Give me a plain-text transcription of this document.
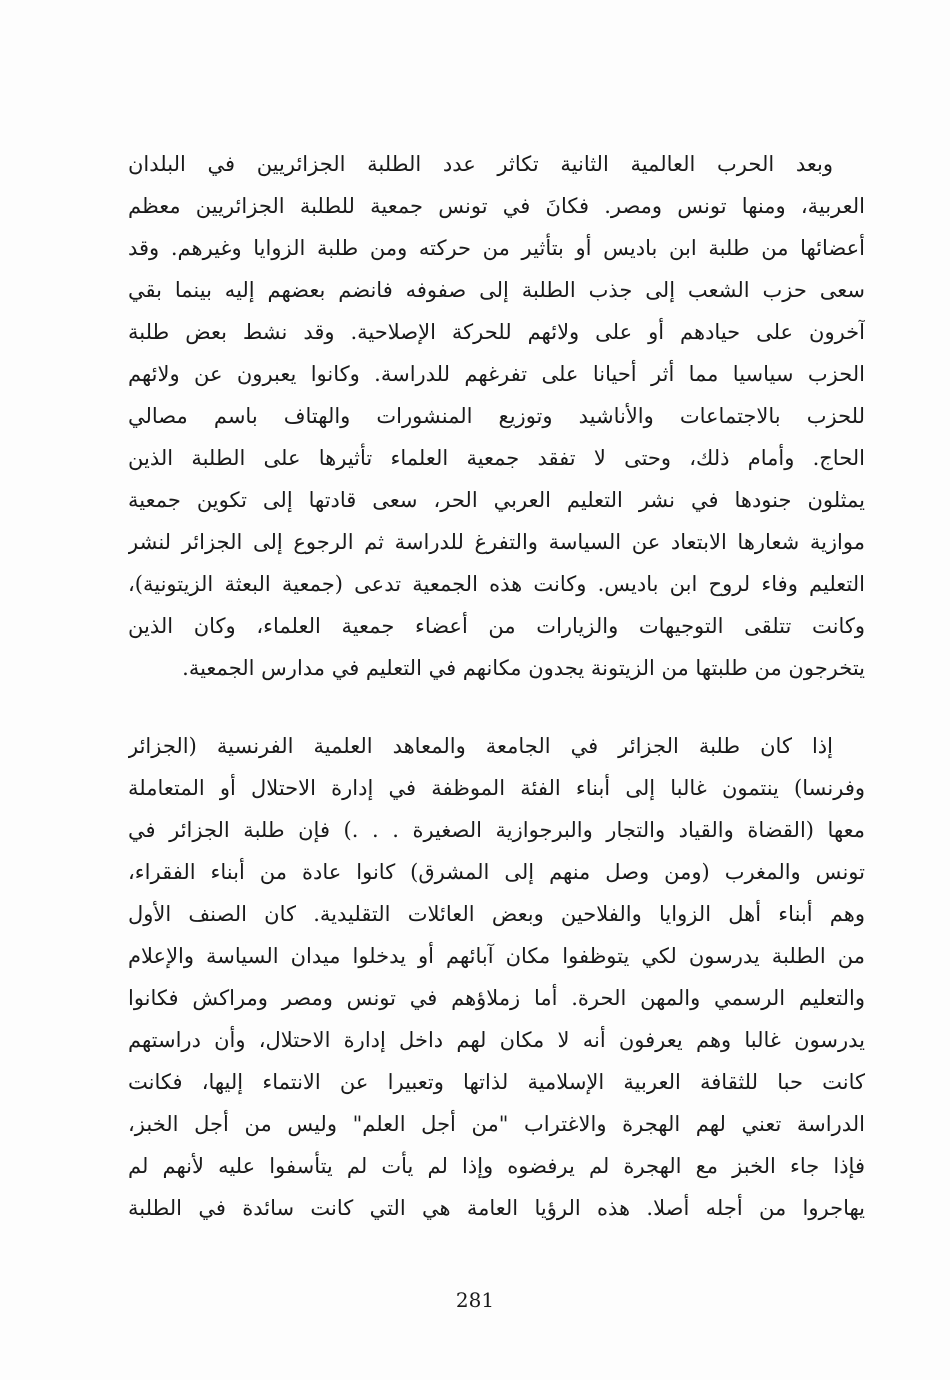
وبعد الحرب العالمية الثانية تكاثر عدد الطلبة الجزائريين في البلدان
العربية، ومنها تونس ومصر. فكانَ في تونس جمعية للطلبة الجزائريين معظم
أعضائها من طلبة ابن باديس أو بتأثير من حركته ومن طلبة الزوايا وغيرهم. وقد
سعى حزب الشعب إلى جذب الطلبة إلى صفوفه فانضم بعضهم إليه بينما بقي
آخرون على حيادهم أو على ولائهم للحركة الإصلاحية. وقد نشط بعض طلبة
الحزب سياسيا مما أثر أحيانا على تفرغهم للدراسة. وكانوا يعبرون عن ولائهم
للحزب بالاجتماعات والأناشيد وتوزيع المنشورات والهتاف باسم مصالي
الحاج. وأمام ذلك، وحتى لا تفقد جمعية العلماء تأثيرها على الطلبة الذين
يمثلون جنودها في نشر التعليم العربي الحر، سعى قادتها إلى تكوين جمعية
موازية شعارها الابتعاد عن السياسة والتفرغ للدراسة ثم الرجوع إلى الجزائر لنشر
التعليم وفاء لروح ابن باديس. وكانت هذه الجمعية تدعى (جمعية البعثة الزيتونية)،
وكانت تتلقى التوجيهات والزيارات من أعضاء جمعية العلماء، وكان الذين
يتخرجون من طلبتها من الزيتونة يجدون مكانهم في التعليم في مدارس الجمعية.
إذا كان طلبة الجزائر في الجامعة والمعاهد العلمية الفرنسية (الجزائر
وفرنسا) ينتمون غالبا إلى أبناء الفئة الموظفة في إدارة الاحتلال أو المتعاملة
معها (القضاة والقياد والتجار والبرجوازية الصغيرة . . .) فإن طلبة الجزائر في
تونس والمغرب (ومن وصل منهم إلى المشرق) كانوا عادة من أبناء الفقراء،
وهم أبناء أهل الزوايا والفلاحين وبعض العائلات التقليدية. كان الصنف الأول
من الطلبة يدرسون لكي يتوظفوا مكان آبائهم أو يدخلوا ميدان السياسة والإعلام
والتعليم الرسمي والمهن الحرة. أما زملاؤهم في تونس ومصر ومراكش فكانوا
يدرسون غالبا وهم يعرفون أنه لا مكان لهم داخل إدارة الاحتلال، وأن دراستهم
كانت حبا للثقافة العربية الإسلامية لذاتها وتعبيرا عن الانتماء إليها، فكانت
الدراسة تعني لهم الهجرة والاغتراب "من أجل العلم" وليس من أجل الخبز،
فإذا جاء الخبز مع الهجرة لم يرفضوه وإذا لم يأت لم يتأسفوا عليه لأنهم لم
يهاجروا من أجله أصلا. هذه الرؤيا العامة هي التي كانت سائدة في الطلبة
281
